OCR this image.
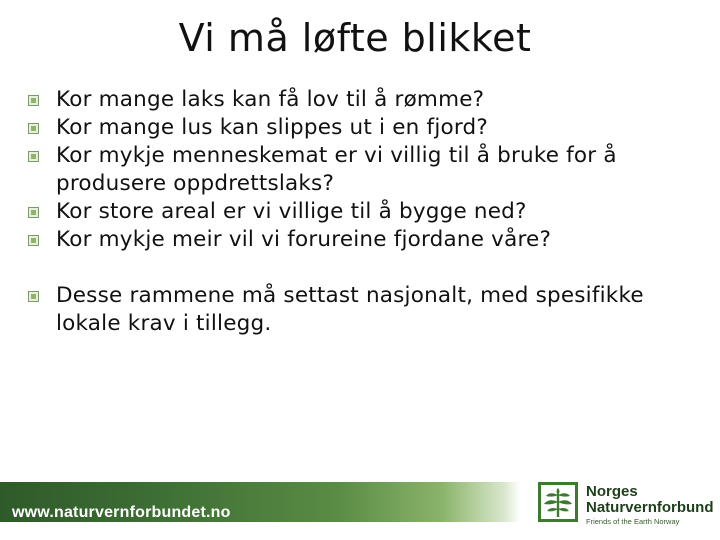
Vi må løfte blikket
Kor mange laks kan få lov til å rømme?
Kor mange lus kan slippes ut i en fjord?
Kor mykje menneskemat er vi villig til å bruke for å produsere oppdrettslaks?
Kor store areal er vi villige til å bygge ned?
Kor mykje meir vil vi forureine fjordane våre?
Desse rammene må settast nasjonalt, med spesifikke lokale krav i tillegg.
www.naturvernforbundet.no
Norges
Naturvernforbund
Friends of the Earth Norway
